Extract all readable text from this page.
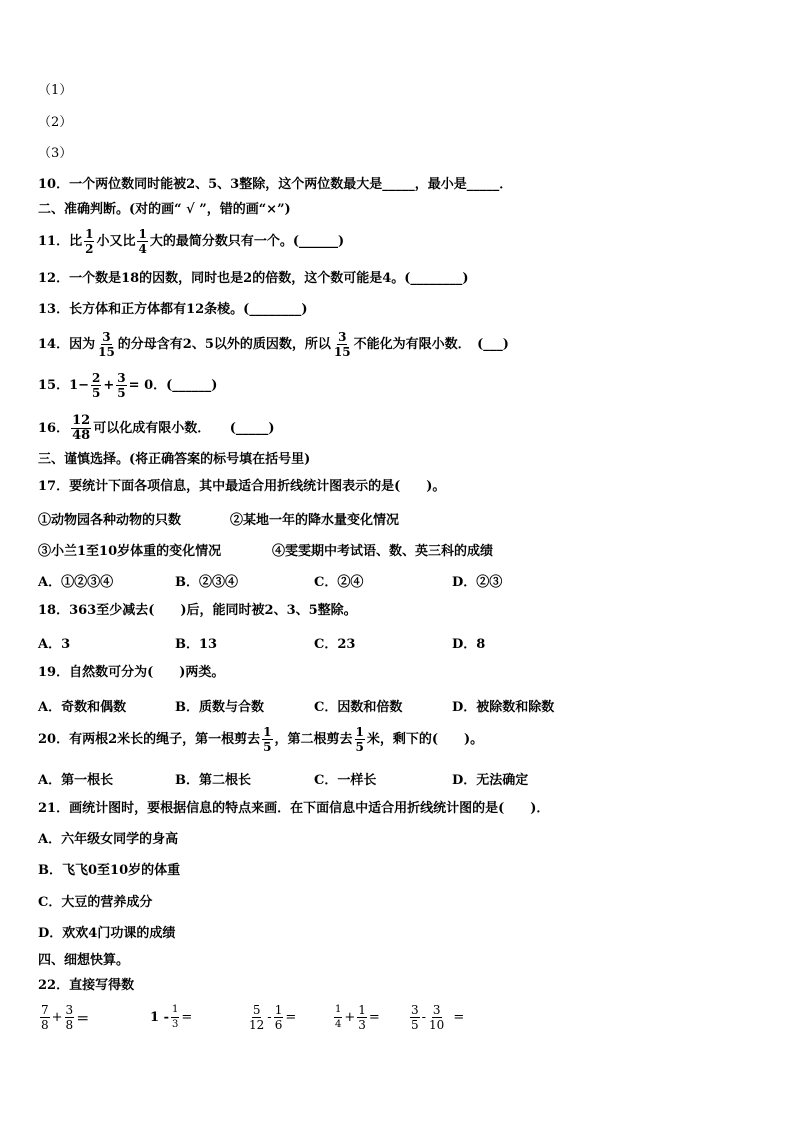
（1）
（2）
（3）
10．一个两位数同时能被2、5、3整除，这个两位数最大是_____，最小是_____．
二、准确判断。(对的画“ √ ”，错的画“×”)
11．比 $\frac{1}{2}$ 小又比 $\frac{1}{4}$ 大的最简分数只有一个。(______)
12．一个数是18的因数，同时也是2的倍数，这个数可能是4。(________)
13．长方体和正方体都有12条棱。(________)
14．因为 $\frac{3}{15}$ 的分母含有2、5以外的质因数，所以 $\frac{3}{15}$ 不能化为有限小数．　(___)
15．$1- \frac{2}{5} + \frac{3}{5} = 0$．(______)
16． $\frac{12}{48}$ 可以化成有限小数．　　(_____)
三、谨慎选择。(将正确答案的标号填在括号里)
17．要统计下面各项信息，其中最适合用折线统计图表示的是(　　)。
①动物园各种动物的只数	②某地一年的降水量变化情况
③小兰1至10岁体重的变化情况	④雯雯期中考试语、数、英三科的成绩
A．①②③④	B．②③④	C．②④	D．②③
18．363至少减去(　　)后，能同时被2、3、5整除。
A．3	B．13	C．23	D．8
19．自然数可分为(　　)两类。
A．奇数和偶数	B．质数与合数	C．因数和倍数	D．被除数和除数
20．有两根2米长的绳子，第一根剪去 $\frac{1}{5}$ ，第二根剪去 $\frac{1}{5}$ 米，剩下的(　　)。
A．第一根长	B．第二根长	C．一样长	D．无法确定
21．画统计图时，要根据信息的特点来画．在下面信息中适合用折线统计图的是(　　)．
A．六年级女同学的身高
B．飞飞0至10岁的体重
C．大豆的营养成分
D．欢欢4门功课的成绩
四、细想快算。
22．直接写得数
$\frac{7}{8} + \frac{3}{8}$ ＝	$1 - \frac{1}{3}$ =	$\frac{5}{12} - \frac{1}{6}$ =	$\frac{1}{4} + \frac{1}{3}$ =	$\frac{3}{5} - \frac{3}{10}$ =
